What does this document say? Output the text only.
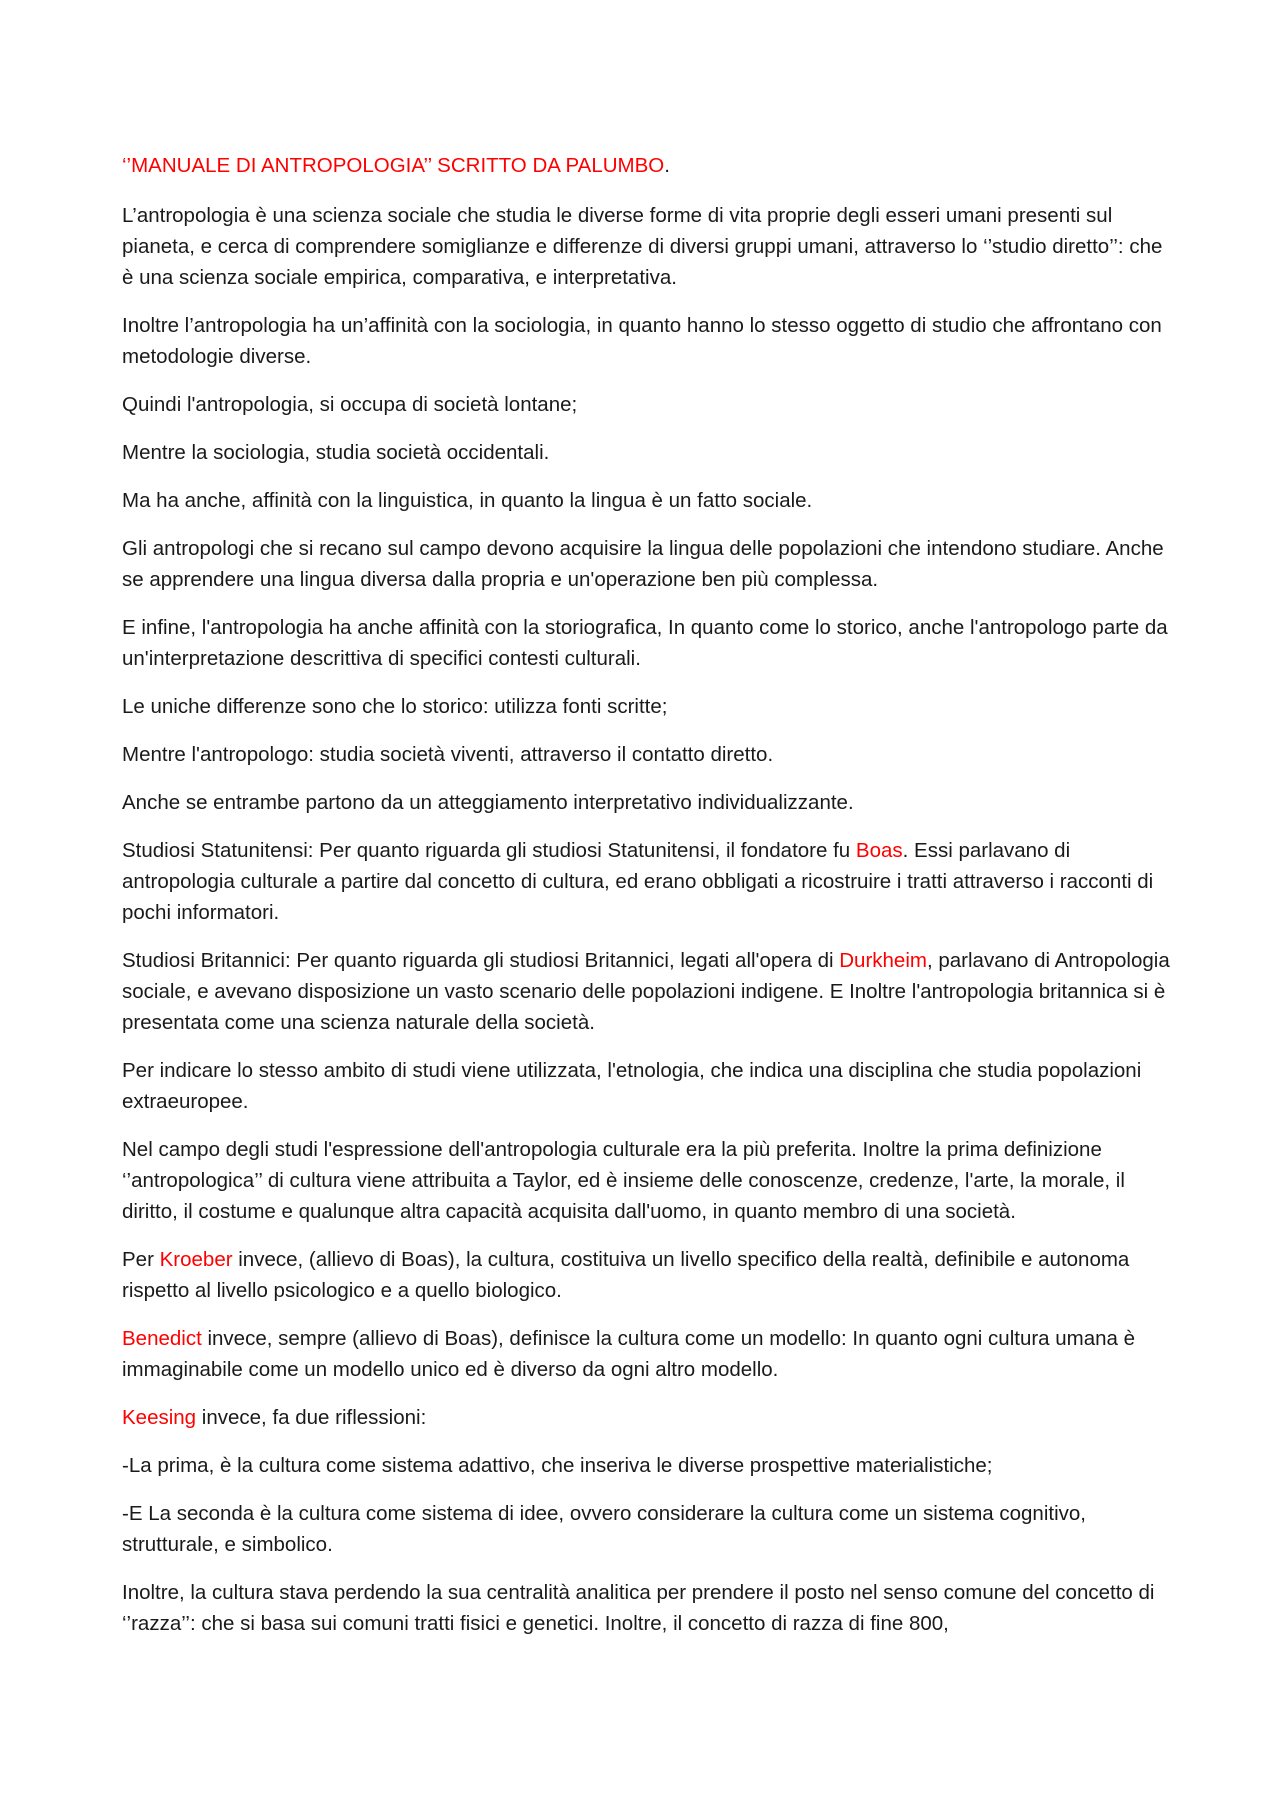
‘’MANUALE DI ANTROPOLOGIA’’ SCRITTO DA PALUMBO.

L’antropologia è una scienza sociale che studia le diverse forme di vita proprie degli esseri umani presenti sul pianeta, e cerca di comprendere somiglianze e differenze di diversi gruppi umani, attraverso lo ‘’studio diretto’’: che è una scienza sociale empirica, comparativa, e interpretativa.

Inoltre l’antropologia ha un’affinità con la sociologia, in quanto hanno lo stesso oggetto di studio che affrontano con metodologie diverse.

Quindi l'antropologia, si occupa di società lontane;

Mentre la sociologia, studia società occidentali.

Ma ha anche, affinità con la linguistica, in quanto la lingua è un fatto sociale.

Gli antropologi che si recano sul campo devono acquisire la lingua delle popolazioni che intendono studiare. Anche se apprendere una lingua diversa dalla propria e un'operazione ben più complessa.

E infine, l'antropologia ha anche affinità con la storiografica, In quanto come lo storico, anche l'antropologo parte da un'interpretazione descrittiva di specifici contesti culturali.

Le uniche differenze sono che lo storico: utilizza fonti scritte;

Mentre l'antropologo: studia società viventi, attraverso il contatto diretto.

Anche se entrambe partono da un atteggiamento interpretativo individualizzante.

Studiosi Statunitensi: Per quanto riguarda gli studiosi Statunitensi, il fondatore fu Boas. Essi parlavano di antropologia culturale a partire dal concetto di cultura, ed erano obbligati a ricostruire i tratti attraverso i racconti di pochi informatori.

Studiosi Britannici: Per quanto riguarda gli studiosi Britannici, legati all'opera di Durkheim, parlavano di Antropologia sociale, e avevano disposizione un vasto scenario delle popolazioni indigene. E Inoltre l'antropologia britannica si è presentata come una scienza naturale della società.

Per indicare lo stesso ambito di studi viene utilizzata, l'etnologia, che indica una disciplina che studia popolazioni extraeuropee.

Nel campo degli studi l'espressione dell'antropologia culturale era la più preferita. Inoltre la prima definizione ‘’antropologica’’ di cultura viene attribuita a Taylor, ed è insieme delle conoscenze, credenze, l'arte, la morale, il diritto, il costume e qualunque altra capacità acquisita dall'uomo, in quanto membro di una società.

Per Kroeber invece, (allievo di Boas), la cultura, costituiva un livello specifico della realtà, definibile e autonoma rispetto al livello psicologico e a quello biologico.

Benedict invece, sempre (allievo di Boas), definisce la cultura come un modello: In quanto ogni cultura umana è immaginabile come un modello unico ed è diverso da ogni altro modello.

Keesing invece, fa due riflessioni:

-La prima, è la cultura come sistema adattivo, che inseriva le diverse prospettive materialistiche;

-E La seconda è la cultura come sistema di idee, ovvero considerare la cultura come un sistema cognitivo, strutturale, e simbolico.

Inoltre, la cultura stava perdendo la sua centralità analitica per prendere il posto nel senso comune del concetto di ‘’razza’’: che si basa sui comuni tratti fisici e genetici. Inoltre, il concetto di razza di fine 800,
